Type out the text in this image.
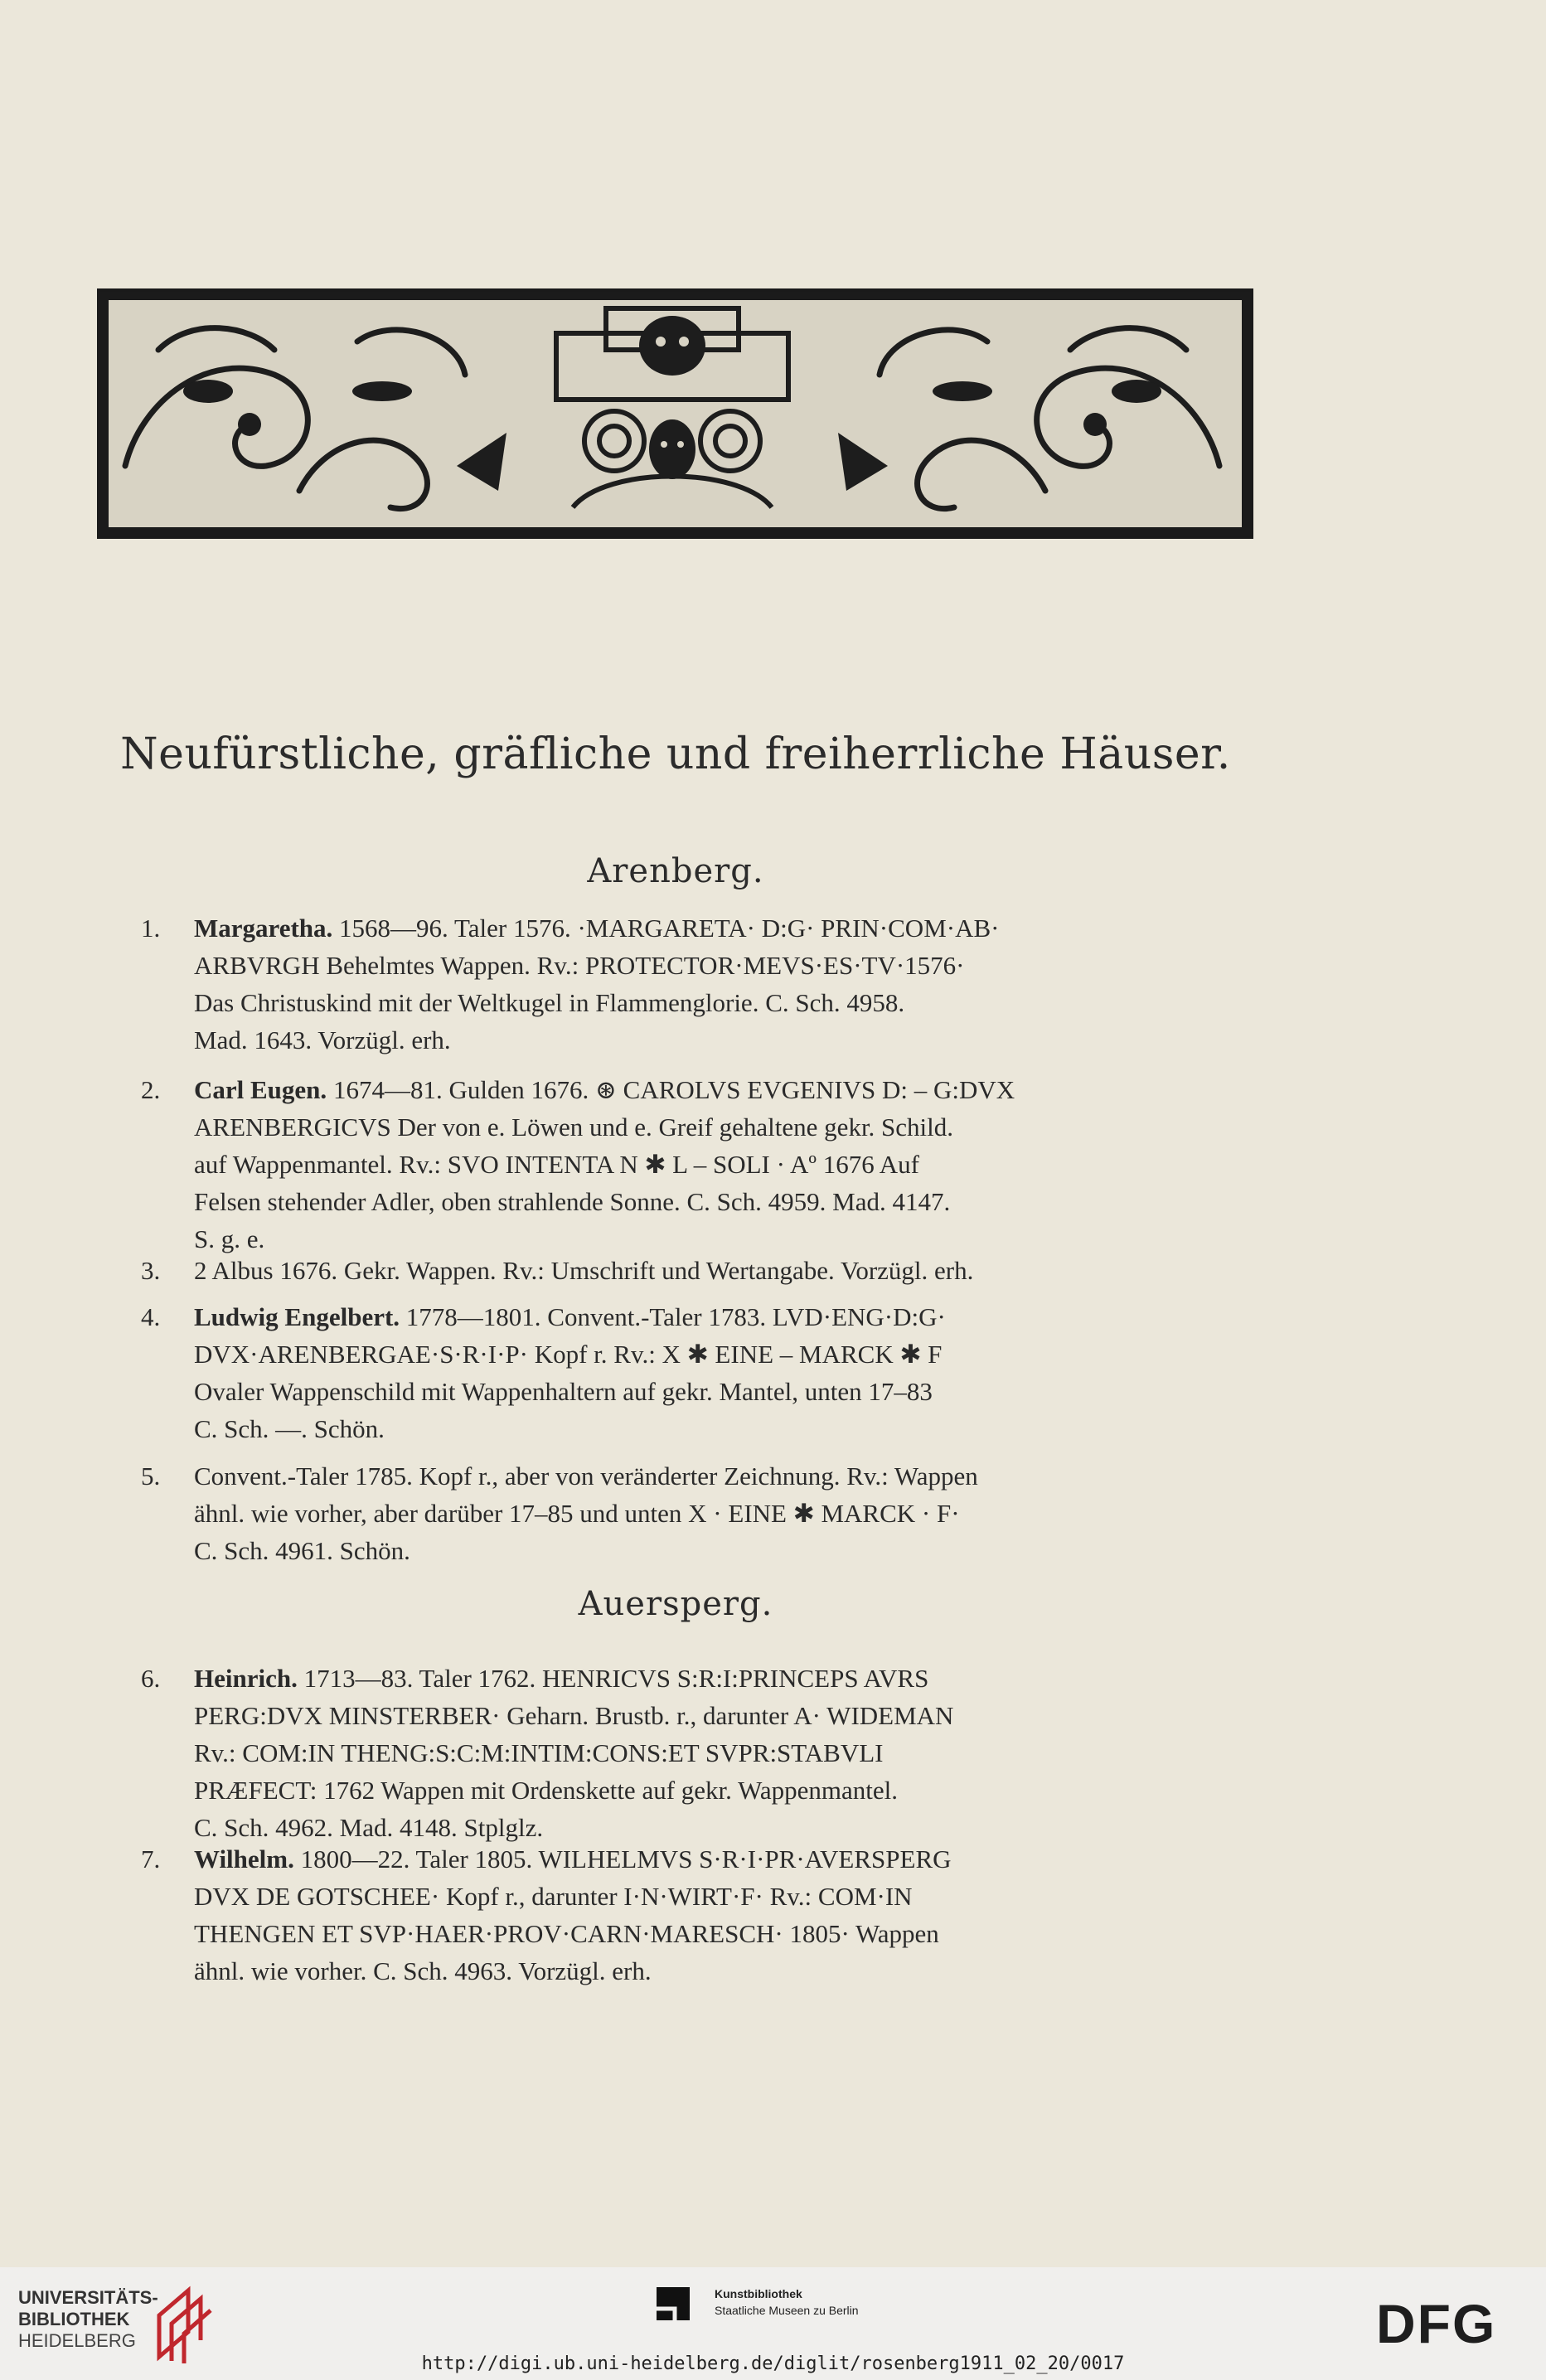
Neufürstliche, gräfliche und freiherrliche Häuser.
Arenberg.
1.	Margaretha. 1568—96. Taler 1576. ·MARGARETA· D:G· PRIN·COM·AB·

ARBVRGH Behelmtes Wappen. Rv.: PROTECTOR·MEVS·ES·TV·1576·

Das Christuskind mit der Weltkugel in Flammenglorie. C. Sch. 4958.

Mad. 1643. Vorzügl. erh.

2.	Carl Eugen. 1674—81. Gulden 1676. ⊛ CAROLVS EVGENIVS D: – G:DVX

ARENBERGICVS Der von e. Löwen und e. Greif gehaltene gekr. Schild.

auf Wappenmantel. Rv.: SVO INTENTA N ✱ L – SOLI · Aº 1676 Auf

Felsen stehender Adler, oben strahlende Sonne. C. Sch. 4959. Mad. 4147.

S. g. e.

3.	2 Albus 1676. Gekr. Wappen. Rv.: Umschrift und Wertangabe. Vorzügl. erh.

4.	Ludwig Engelbert. 1778—1801. Convent.-Taler 1783. LVD·ENG·D:G·

DVX·ARENBERGAE·S·R·I·P· Kopf r. Rv.: X ✱ EINE – MARCK ✱ F

Ovaler Wappenschild mit Wappenhaltern auf gekr. Mantel, unten 17–83

C. Sch. —. Schön.

5.	Convent.-Taler 1785. Kopf r., aber von veränderter Zeichnung. Rv.: Wappen

ähnl. wie vorher, aber darüber 17–85 und unten X · EINE ✱ MARCK · F·

C. Sch. 4961. Schön.

Auersperg.
6.	Heinrich. 1713—83. Taler 1762. HENRICVS S:R:I:PRINCEPS AVRS

PERG:DVX MINSTERBER· Geharn. Brustb. r., darunter A· WIDEMAN

Rv.: COM:IN THENG:S:C:M:INTIM:CONS:ET SVPR:STABVLI

PRÆFECT: 1762 Wappen mit Ordenskette auf gekr. Wappenmantel.

C. Sch. 4962. Mad. 4148. Stplglz.

7.	Wilhelm. 1800—22. Taler 1805. WILHELMVS S·R·I·PR·AVERSPERG

DVX DE GOTSCHEE· Kopf r., darunter I·N·WIRT·F· Rv.: COM·IN

THENGEN ET SVP·HAER·PROV·CARN·MARESCH· 1805· Wappen

ähnl. wie vorher. C. Sch. 4963. Vorzügl. erh.

UNIVERSITÄTS-
BIBLIOTHEK
HEIDELBERG
Kunstbibliothek
Staatliche Museen zu Berlin	DFG
http://digi.ub.uni-heidelberg.de/diglit/rosenberg1911_02_20/0017
